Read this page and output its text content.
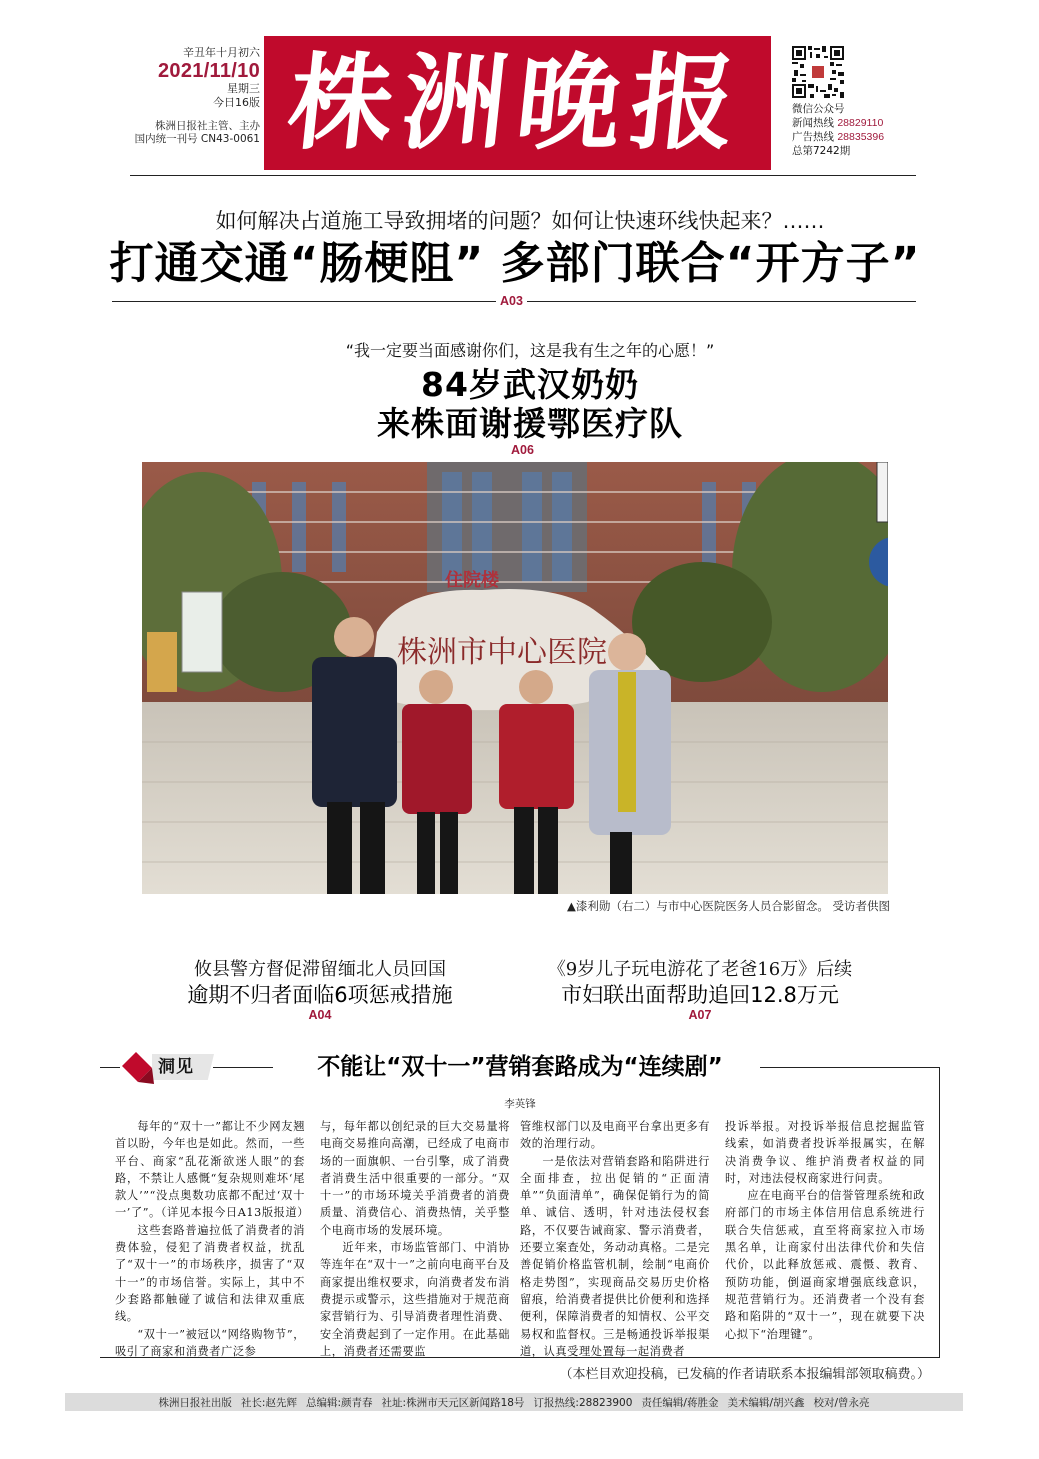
辛丑年十月初六
2021/11/10
星期三
今日16版
株洲日报社主管、主办
国内统一刊号 CN43-0061 株洲晚报	微信公众号
新闻热线 28829110
广告热线 28835396
总第7242期
如何解决占道施工导致拥堵的问题？如何让快速环线快起来？……
打通交通“肠梗阻” 多部门联合“开方子”
A03
“我一定要当面感谢你们，这是我有生之年的心愿！”
84岁武汉奶奶
来株面谢援鄂医疗队
A06
株洲市中心医院
住院楼
▲漆利勋（右二）与市中心医院医务人员合影留念。 受访者供图
攸县警方督促滞留缅北人员回国
逾期不归者面临6项惩戒措施
A04
《9岁儿子玩电游花了老爸16万》后续
市妇联出面帮助追回12.8万元
A07
洞见	不能让“双十一”营销套路成为“连续剧”
李英锋

每年的“双十一”都让不少网友翘首以盼，今年也是如此。然而，一些平台、商家“乱花渐欲迷人眼”的套路，不禁让人感慨“复杂规则难坏‘尾款人’”“没点奥数功底都不配过‘双十一’了”。（详见本报今日A13版报道）

这些套路普遍拉低了消费者的消费体验，侵犯了消费者权益，扰乱了“双十一”的市场秩序，损害了“双十一”的市场信誉。实际上，其中不少套路都触碰了诚信和法律双重底线。

“双十一”被冠以“网络购物节”，吸引了商家和消费者广泛参

与，每年都以创纪录的巨大交易量将电商交易推向高潮，已经成了电商市场的一面旗帜、一台引擎，成了消费者消费生活中很重要的一部分。“双十一”的市场环境关乎消费者的消费质量、消费信心、消费热情，关乎整个电商市场的发展环境。

近年来，市场监管部门、中消协等连年在“双十一”之前向电商平台及商家提出维权要求，向消费者发布消费提示或警示，这些措施对于规范商家营销行为、引导消费者理性消费、安全消费起到了一定作用。在此基础上，消费者还需要监

管维权部门以及电商平台拿出更多有效的治理行动。

一是依法对营销套路和陷阱进行全面排查，拉出促销的“正面清单”“负面清单”，确保促销行为的简单、诚信、透明，针对违法侵权套路，不仅要告诫商家、警示消费者，还要立案查处，务动动真格。二是完善促销价格监管机制，绘制“电商价格走势图”，实现商品交易历史价格留痕，给消费者提供比价便利和选择便利，保障消费者的知情权、公平交易权和监督权。三是畅通投诉举报渠道，认真受理处置每一起消费者

投诉举报。对投诉举报信息挖掘监管线索，如消费者投诉举报属实，在解决消费争议、维护消费者权益的同时，对违法侵权商家进行问责。

应在电商平台的信誉管理系统和政府部门的市场主体信用信息系统进行联合失信惩戒，直至将商家拉入市场黑名单，让商家付出法律代价和失信代价，以此释放惩戒、震慑、教育、预防功能，倒逼商家增强底线意识，规范营销行为。还消费者一个没有套路和陷阱的“双十一”，现在就要下决心拟下“治理键”。

（本栏目欢迎投稿，已发稿的作者请联系本报编辑部领取稿费。）
株洲日报社出版 社长:赵先辉 总编辑:颜青春 社址:株洲市天元区新闻路18号 订报热线:28823900 责任编辑/蒋胜金 美术编辑/胡兴鑫 校对/曾永亮
